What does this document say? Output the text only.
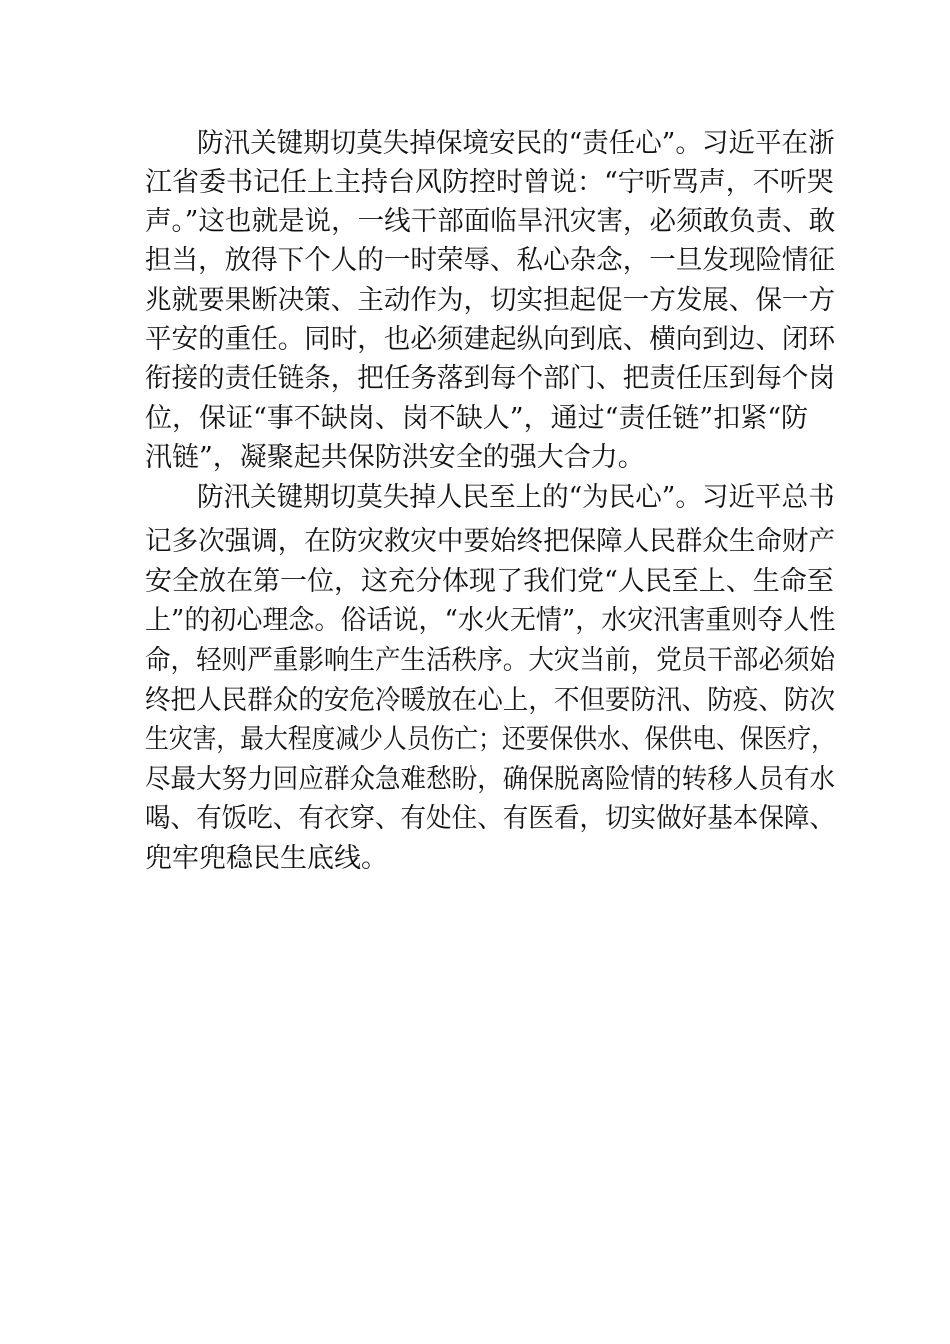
防汛关键期切莫失掉保境安民的“责任心”。习近平在浙
江省委书记任上主持台风防控时曾说：“宁听骂声，不听哭
声。”这也就是说，一线干部面临旱汛灾害，必须敢负责、敢
担当，放得下个人的一时荣辱、私心杂念，一旦发现险情征
兆就要果断决策、主动作为，切实担起促一方发展、保一方
平安的重任。同时，也必须建起纵向到底、横向到边、闭环
衔接的责任链条，把任务落到每个部门、把责任压到每个岗
位，保证“事不缺岗、岗不缺人”，通过“责任链”扣紧“防
汛链”，凝聚起共保防洪安全的强大合力。
防汛关键期切莫失掉人民至上的“为民心”。习近平总书
记多次强调，在防灾救灾中要始终把保障人民群众生命财产
安全放在第一位，这充分体现了我们党“人民至上、生命至
上”的初心理念。俗话说，“水火无情”，水灾汛害重则夺人性
命，轻则严重影响生产生活秩序。大灾当前，党员干部必须始
终把人民群众的安危冷暖放在心上，不但要防汛、防疫、防次
生灾害，最大程度减少人员伤亡；还要保供水、保供电、保医疗，
尽最大努力回应群众急难愁盼，确保脱离险情的转移人员有水
喝、有饭吃、有衣穿、有处住、有医看，切实做好基本保障、
兜牢兜稳民生底线。
